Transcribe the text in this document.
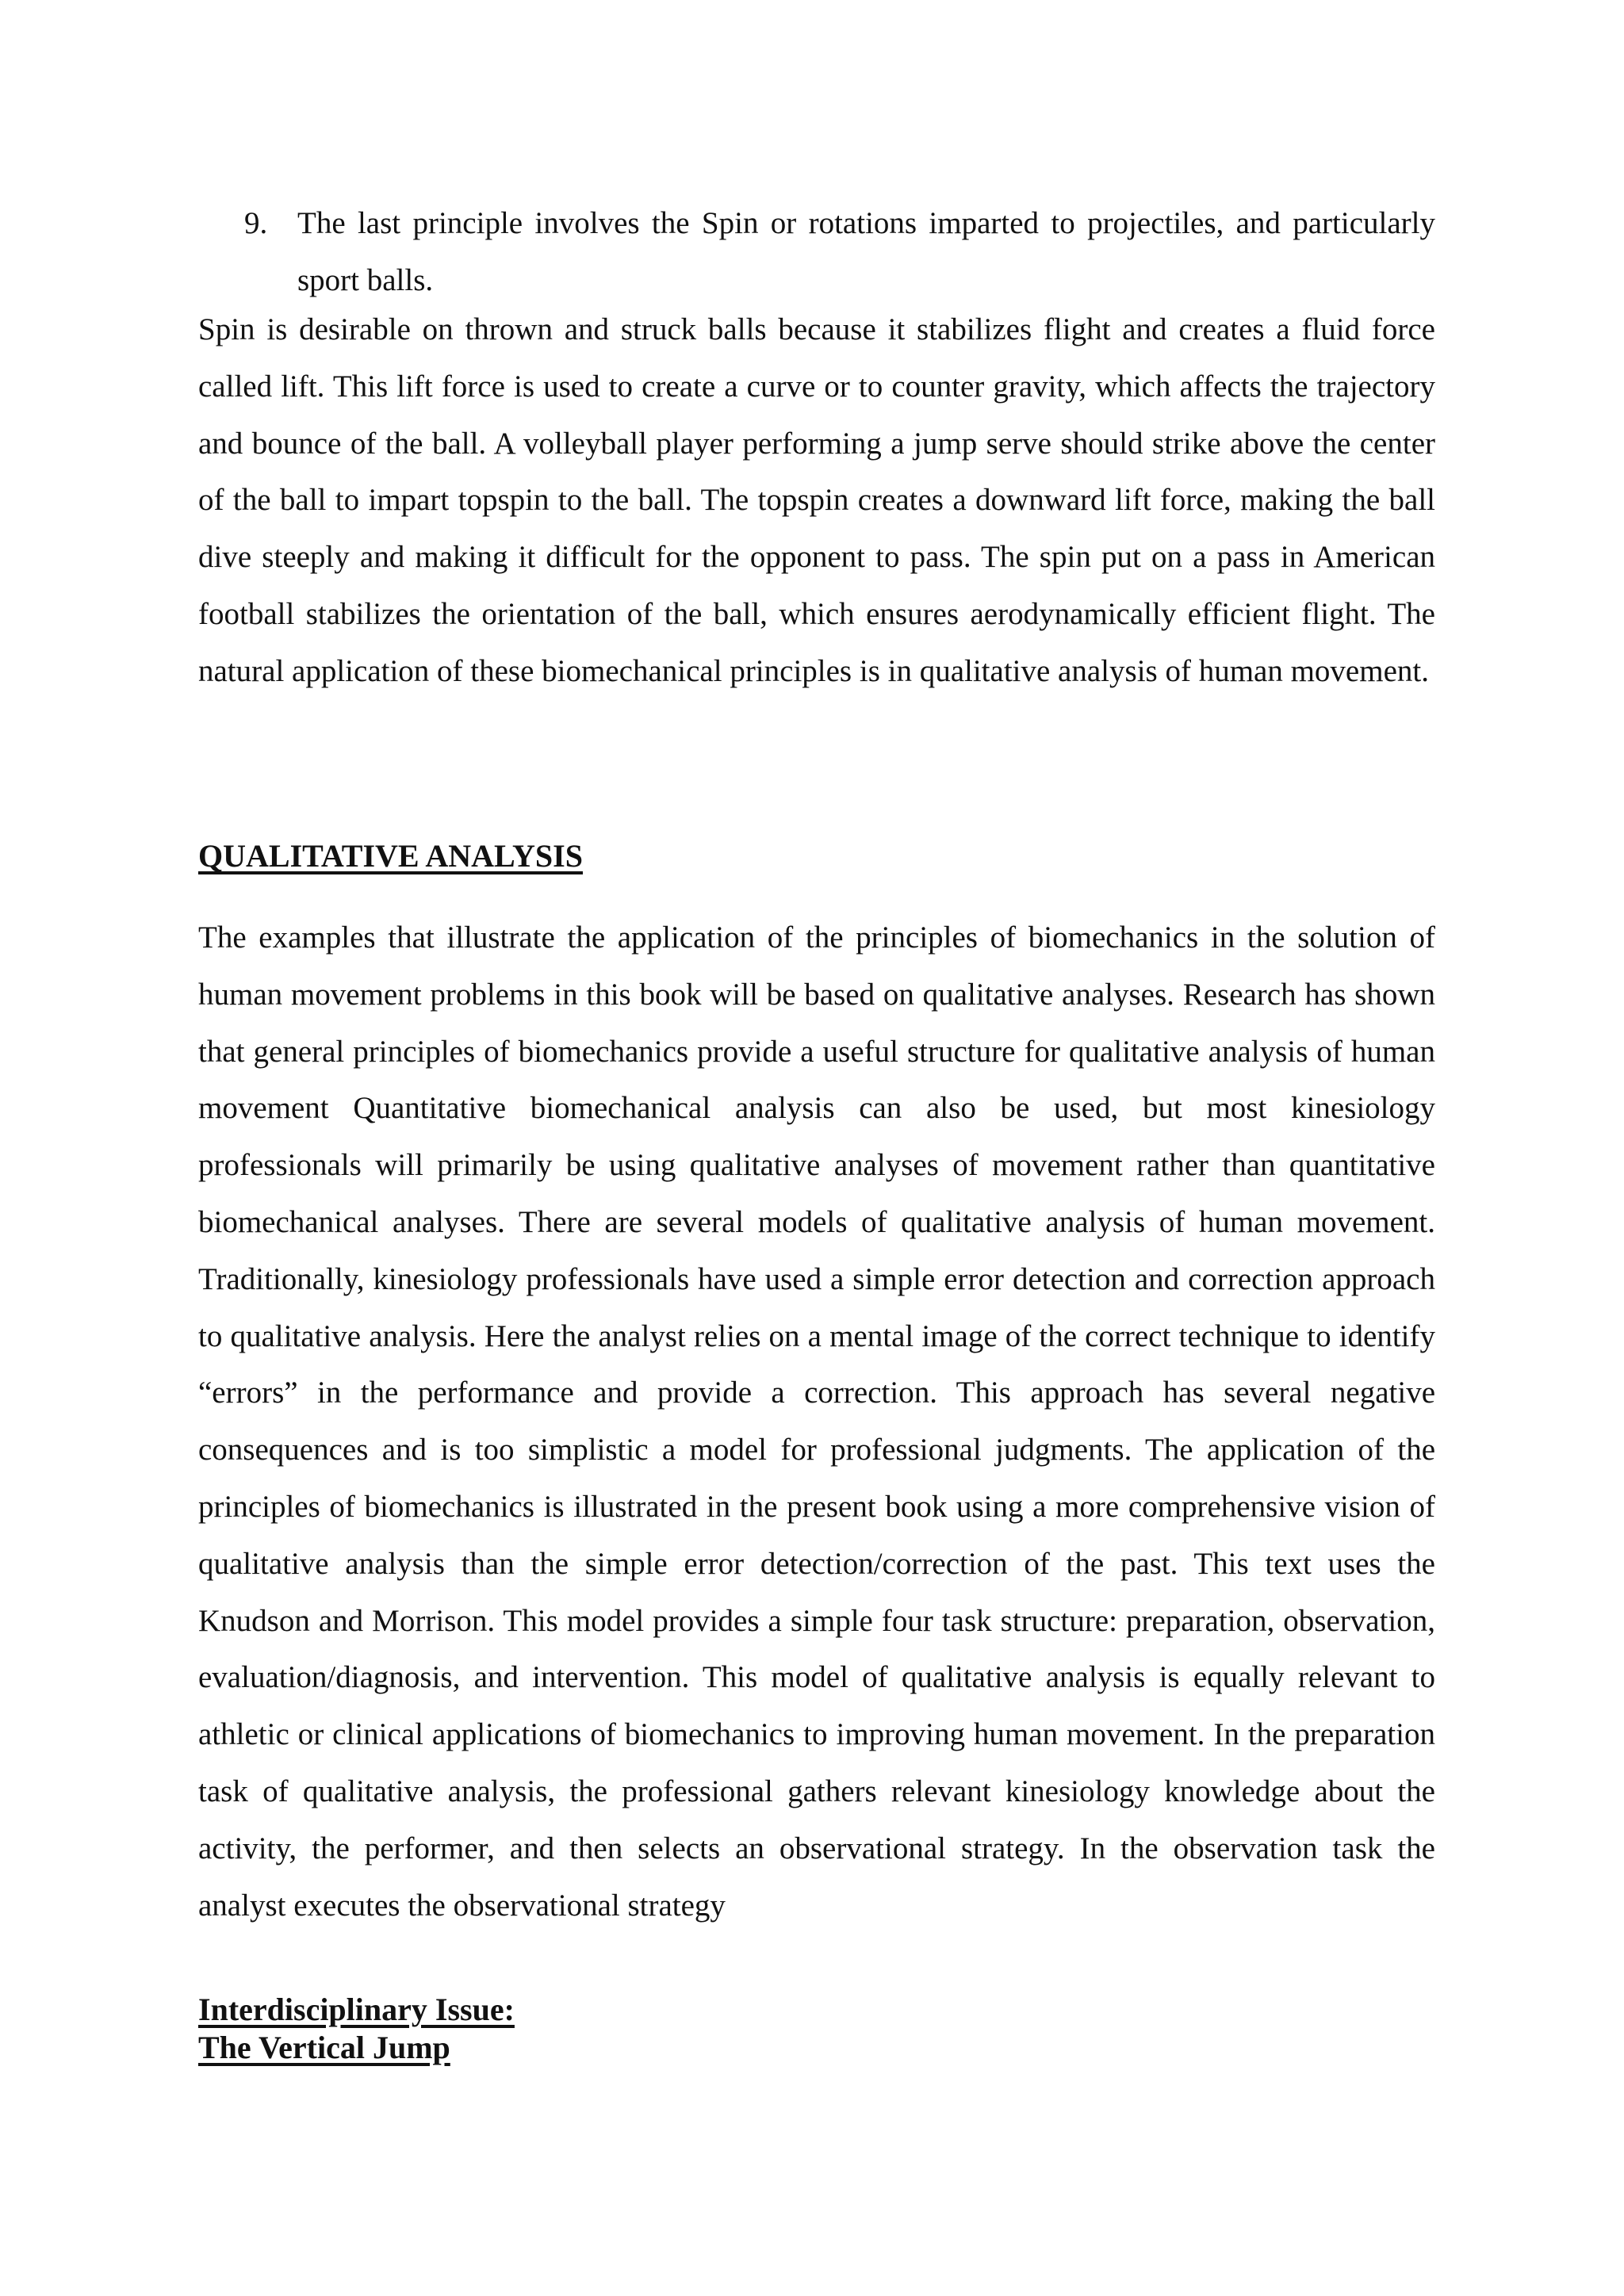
9. The last principle involves the Spin or rotations imparted to projectiles, and particularly sport balls.

Spin is desirable on thrown and struck balls because it stabilizes flight and creates a fluid force called lift. This lift force is used to create a curve or to counter gravity, which affects the trajectory and bounce of the ball. A volleyball player performing a jump serve should strike above the center of the ball to impart topspin to the ball. The topspin creates a downward lift force, making the ball dive steeply and making it difficult for the opponent to pass. The spin put on a pass in American football stabilizes the orientation of the ball, which ensures aerodynamically efficient flight. The natural application of these biomechanical principles is in qualitative analysis of human movement.

QUALITATIVE ANALYSIS

The examples that illustrate the application of the principles of biomechanics in the solution of human movement problems in this book will be based on qualitative analyses. Research has shown that general principles of biomechanics provide a useful structure for qualitative analysis of human movement Quantitative biomechanical analysis can also be used, but most kinesiology professionals will primarily be using qualitative analyses of movement rather than quantitative biomechanical analyses. There are several models of qualitative analysis of human movement. Traditionally, kinesiology professionals have used a simple error detection and correction approach to qualitative analysis. Here the analyst relies on a mental image of the correct technique to identify “errors” in the performance and provide a correction. This approach has several negative consequences and is too simplistic a model for professional judgments. The application of the principles of biomechanics is illustrated in the present book using a more comprehensive vision of qualitative analysis than the simple error detection/correction of the past. This text uses the Knudson and Morrison. This model provides a simple four task structure: preparation, observation, evaluation/diagnosis, and intervention. This model of qualitative analysis is equally relevant to athletic or clinical applications of biomechanics to improving human movement. In the preparation task of qualitative analysis, the professional gathers relevant kinesiology knowledge about the activity, the performer, and then selects an observational strategy. In the observation task the analyst executes the observational strategy

Interdisciplinary Issue:
The Vertical Jump
